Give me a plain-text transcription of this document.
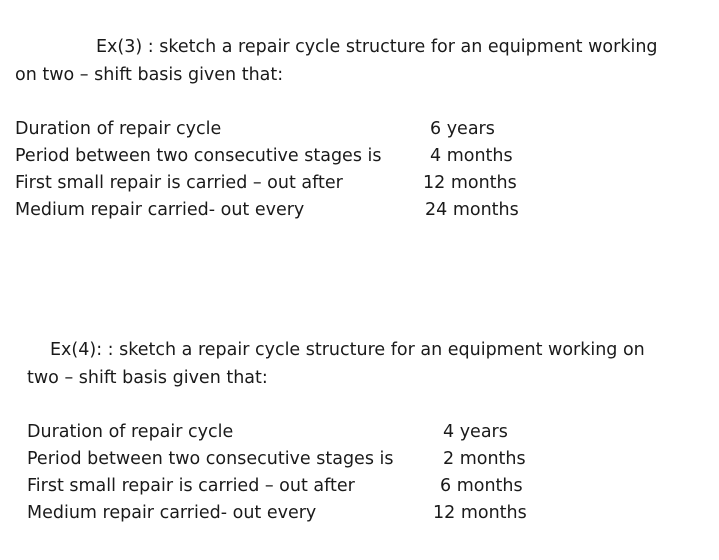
Ex(3) : sketch a repair cycle structure for an equipment working
on two – shift basis given that:
Duration of repair cycle	6 years
Period between two consecutive stages is	4 months
First small repair is carried – out after	12 months
Medium repair carried- out every	24 months
Ex(4): : sketch a repair cycle structure for an equipment working on
two – shift basis given that:
Duration of repair cycle	4 years
Period between two consecutive stages is	2 months
First small repair is carried – out after	6 months
Medium repair carried- out every	12 months
